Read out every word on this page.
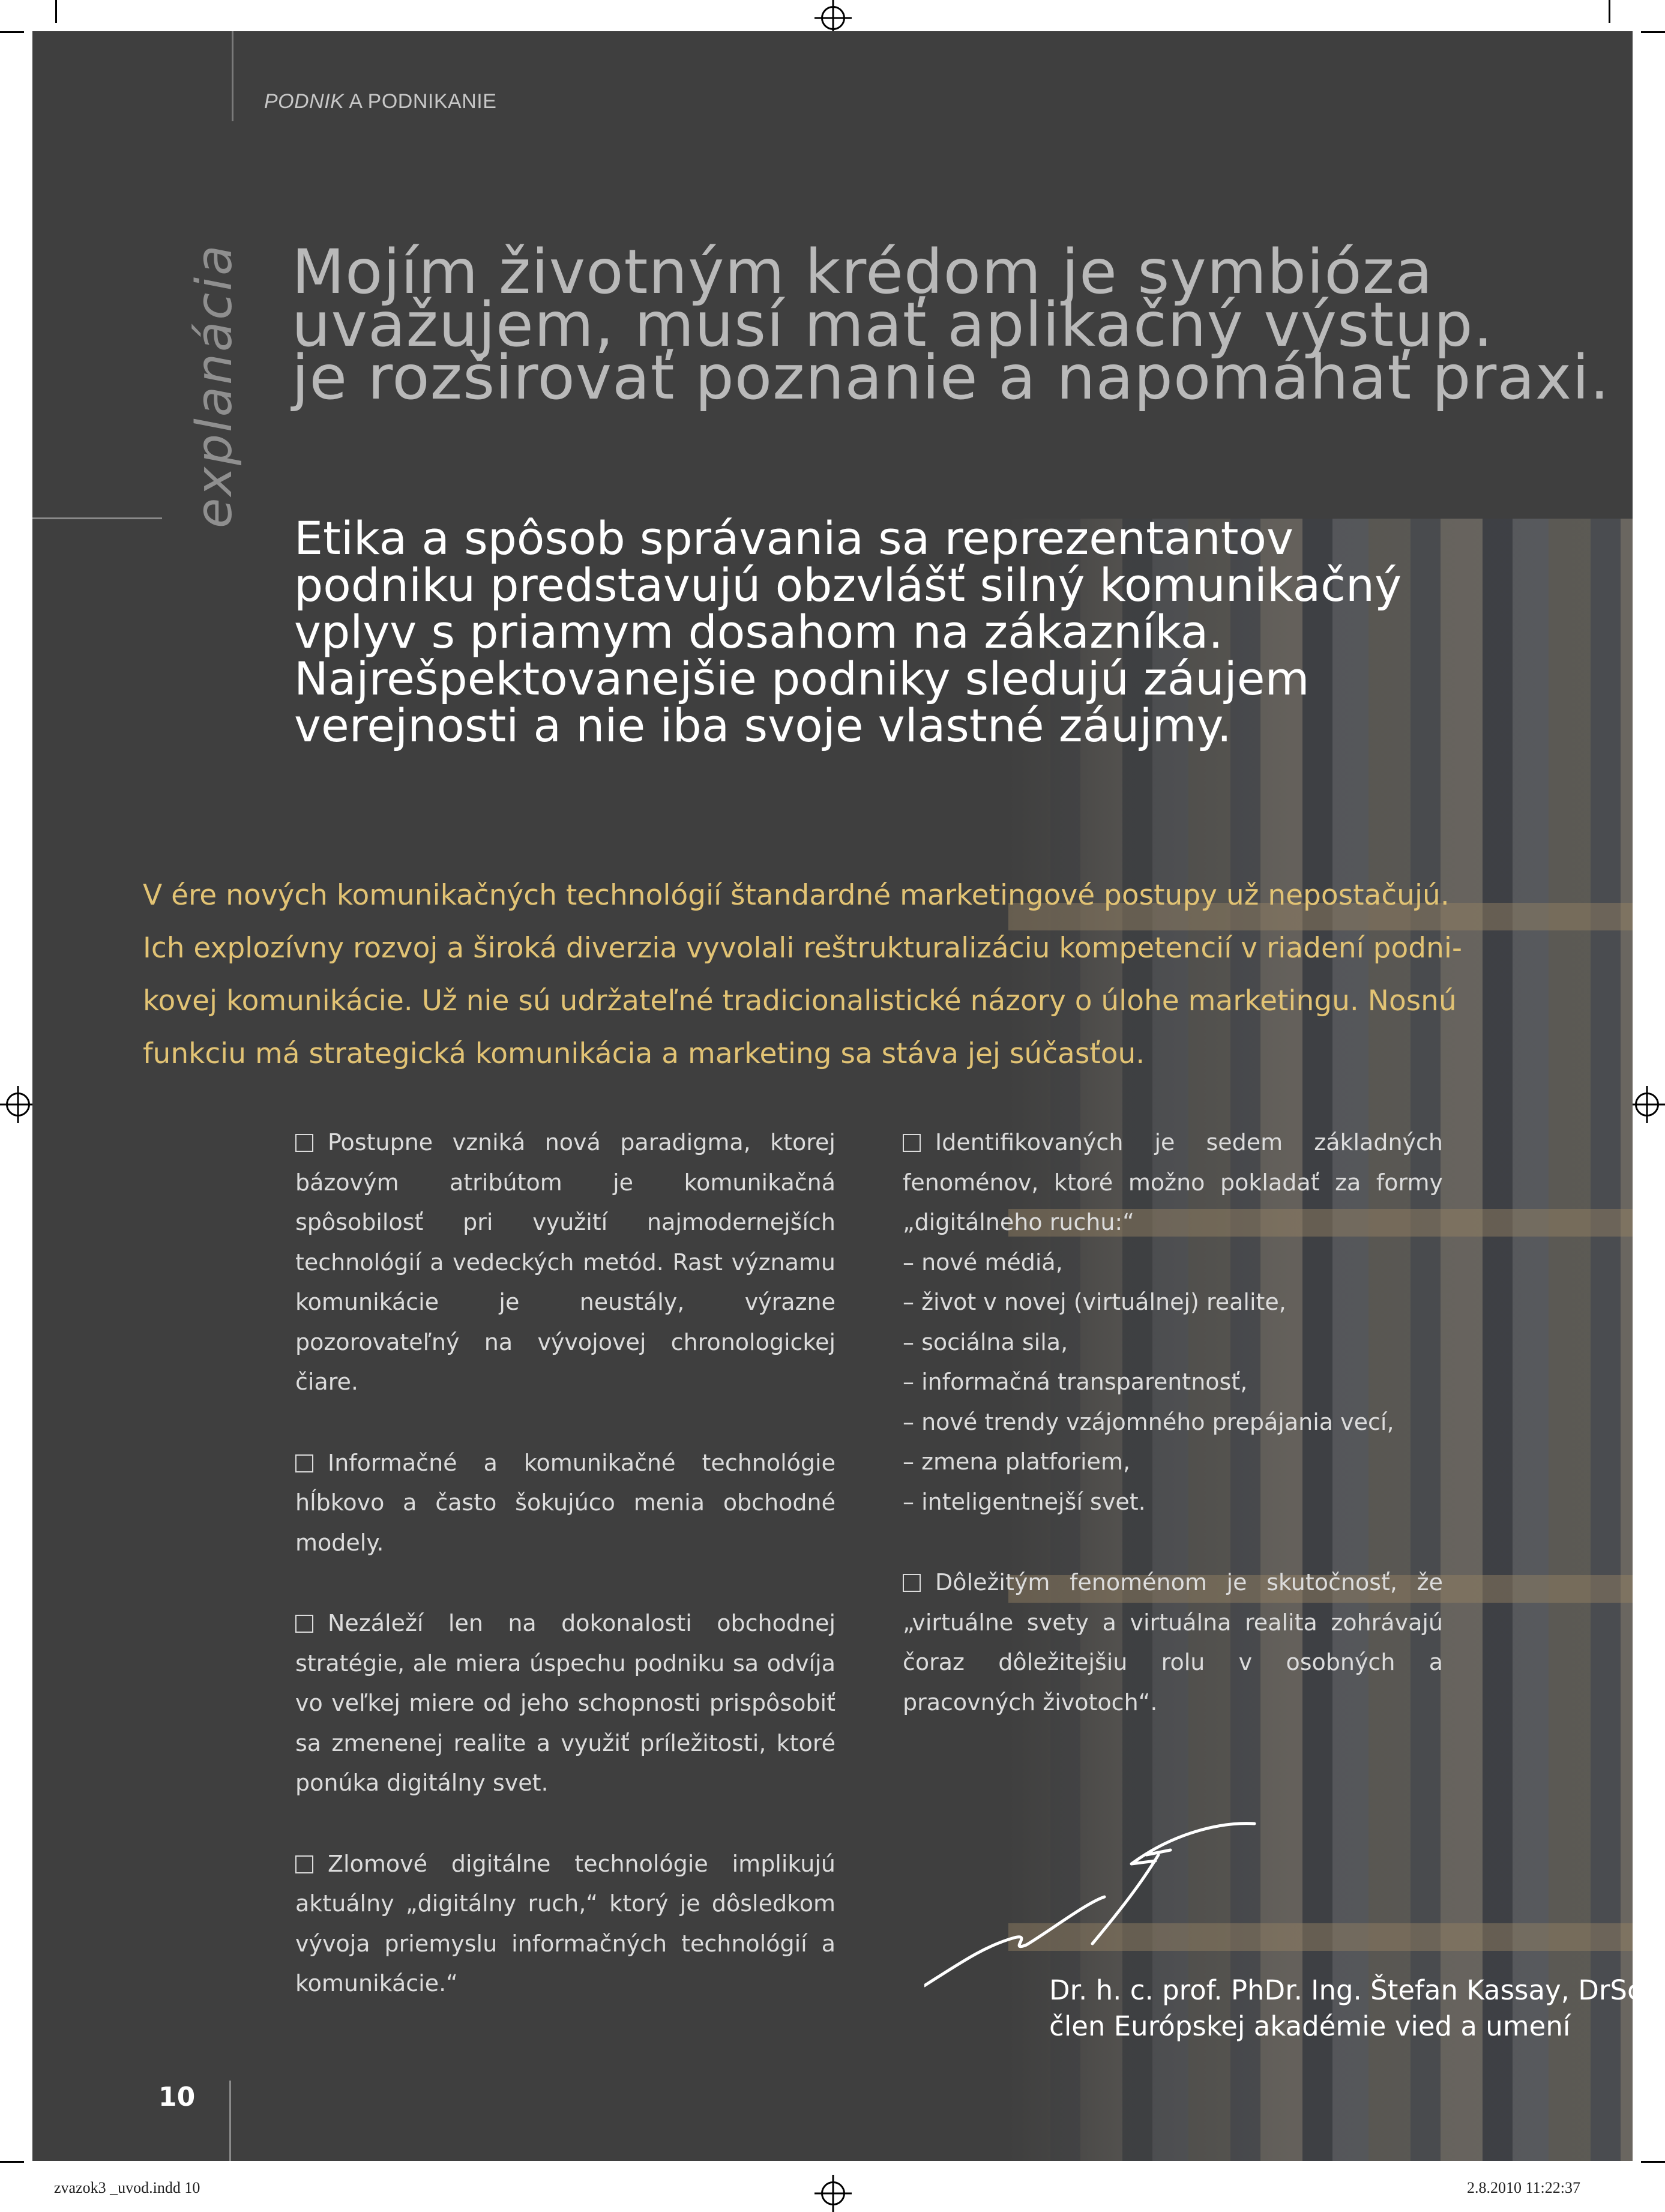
PODNIK A PODNIKANIE
explanácia Mojím životným krédom je symbióza
uvažujem, musí mať aplikačný výstup.
je rozširovať poznanie a napomáhať praxi.
Etika a spôsob správania sa reprezentantov
podniku predstavujú obzvlášť silný komunikačný
vplyv s priamym dosahom na zákazníka.
Najrešpektovanejšie podniky sledujú záujem
verejnosti a nie iba svoje vlastné záujmy.
V ére nových komunikačných technológií štandardné marketingové postupy už nepostačujú.
Ich explozívny rozvoj a široká diverzia vyvolali reštrukturalizáciu kompetencií v riadení podni-
kovej komunikácie. Už nie sú udržateľné tradicionalistické názory o úlohe marketingu. Nosnú
funkciu má strategická komunikácia a marketing sa stáva jej súčasťou.

Postupne vzniká nová paradigma, ktorej bázovým atribútom je komunikačná spôsobilosť pri využití najmodernejších technológií a vedeckých metód. Rast významu komunikácie je neustály, výrazne pozorovateľný na vývojovej chronologickej čiare.

Informačné a komunikačné technológie hĺbkovo a často šokujúco menia obchodné modely.

Nezáleží len na dokonalosti obchodnej stratégie, ale miera úspechu podniku sa odvíja vo veľkej miere od jeho schopnosti prispôsobiť sa zmenenej realite a využiť príležitosti, ktoré ponúka digitálny svet.

Zlomové digitálne technológie implikujú aktuálny „digitálny ruch,“ ktorý je dôsledkom vývoja priemyslu informačných technológií a komunikácie.“

Identifikovaných je sedem základných fenoménov, ktoré možno pokladať za formy „digitálneho ruchu:“

– nové médiá,
– život v novej (virtuálnej) realite,
– sociálna sila,
– informačná transparentnosť,
– nové trendy vzájomného prepájania vecí,
– zmena platforiem,
– inteligentnejší svet.

Dôležitým fenoménom je skutočnosť, že „virtuálne svety a virtuálna realita zohrávajú čoraz dôležitejšiu rolu v osobných a pracovných životoch“.

Dr. h. c. prof. PhDr. Ing. Štefan Kassay, DrSc.
člen Európskej akadémie vied a umení
10
zvazok3 _uvod.indd 10	2.8.2010 11:22:37
